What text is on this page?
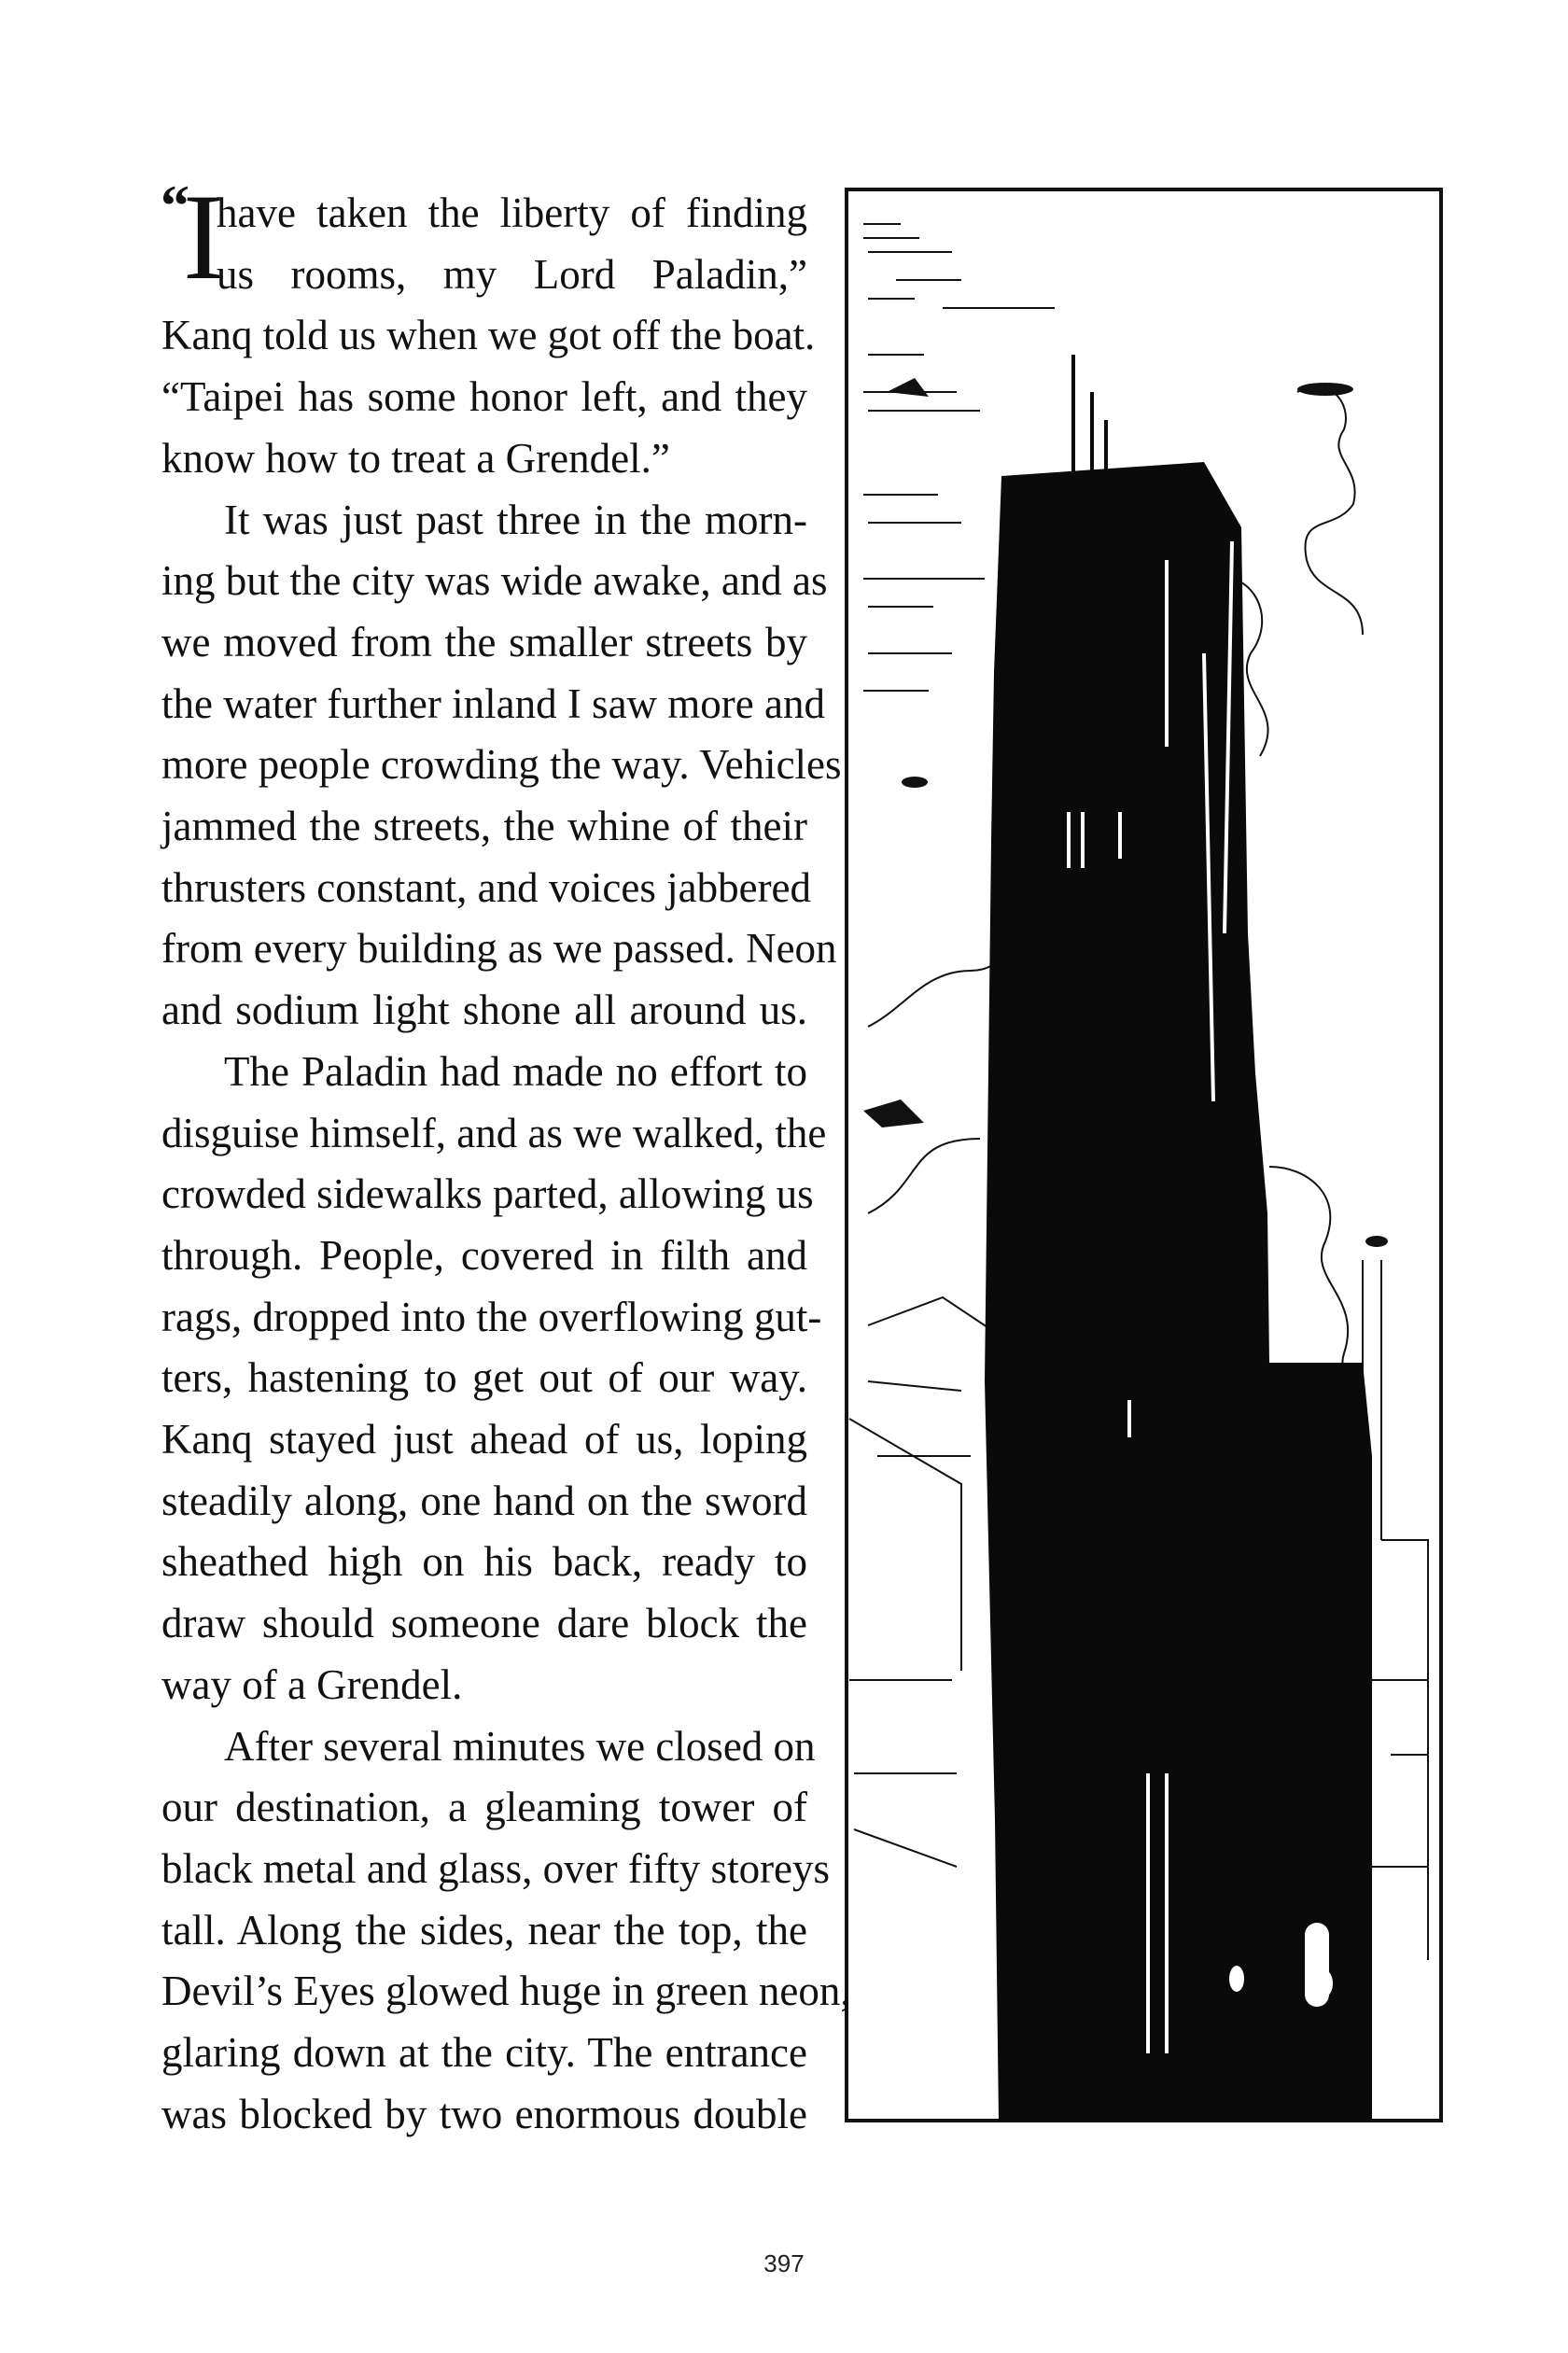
“
I
have taken the liberty of finding
us rooms, my Lord Paladin,”
Kanq told us when we got off the boat.
“Taipei has some honor left, and they
know how to treat a Grendel.”
It was just past three in the morn-
ing but the city was wide awake, and as
we moved from the smaller streets by
the water further inland I saw more and
more people crowding the way. Vehicles
jammed the streets, the whine of their
thrusters constant, and voices jabbered
from every building as we passed. Neon
and sodium light shone all around us.
The Paladin had made no effort to
disguise himself, and as we walked, the
crowded sidewalks parted, allowing us
through. People, covered in filth and
rags, dropped into the overflowing gut-
ters, hastening to get out of our way.
Kanq stayed just ahead of us, loping
steadily along, one hand on the sword
sheathed high on his back, ready to
draw should someone dare block the
way of a Grendel.
After several minutes we closed on
our destination, a gleaming tower of
black metal and glass, over fifty storeys
tall. Along the sides, near the top, the
Devil’s Eyes glowed huge in green neon,
glaring down at the city. The entrance
was blocked by two enormous double
397
